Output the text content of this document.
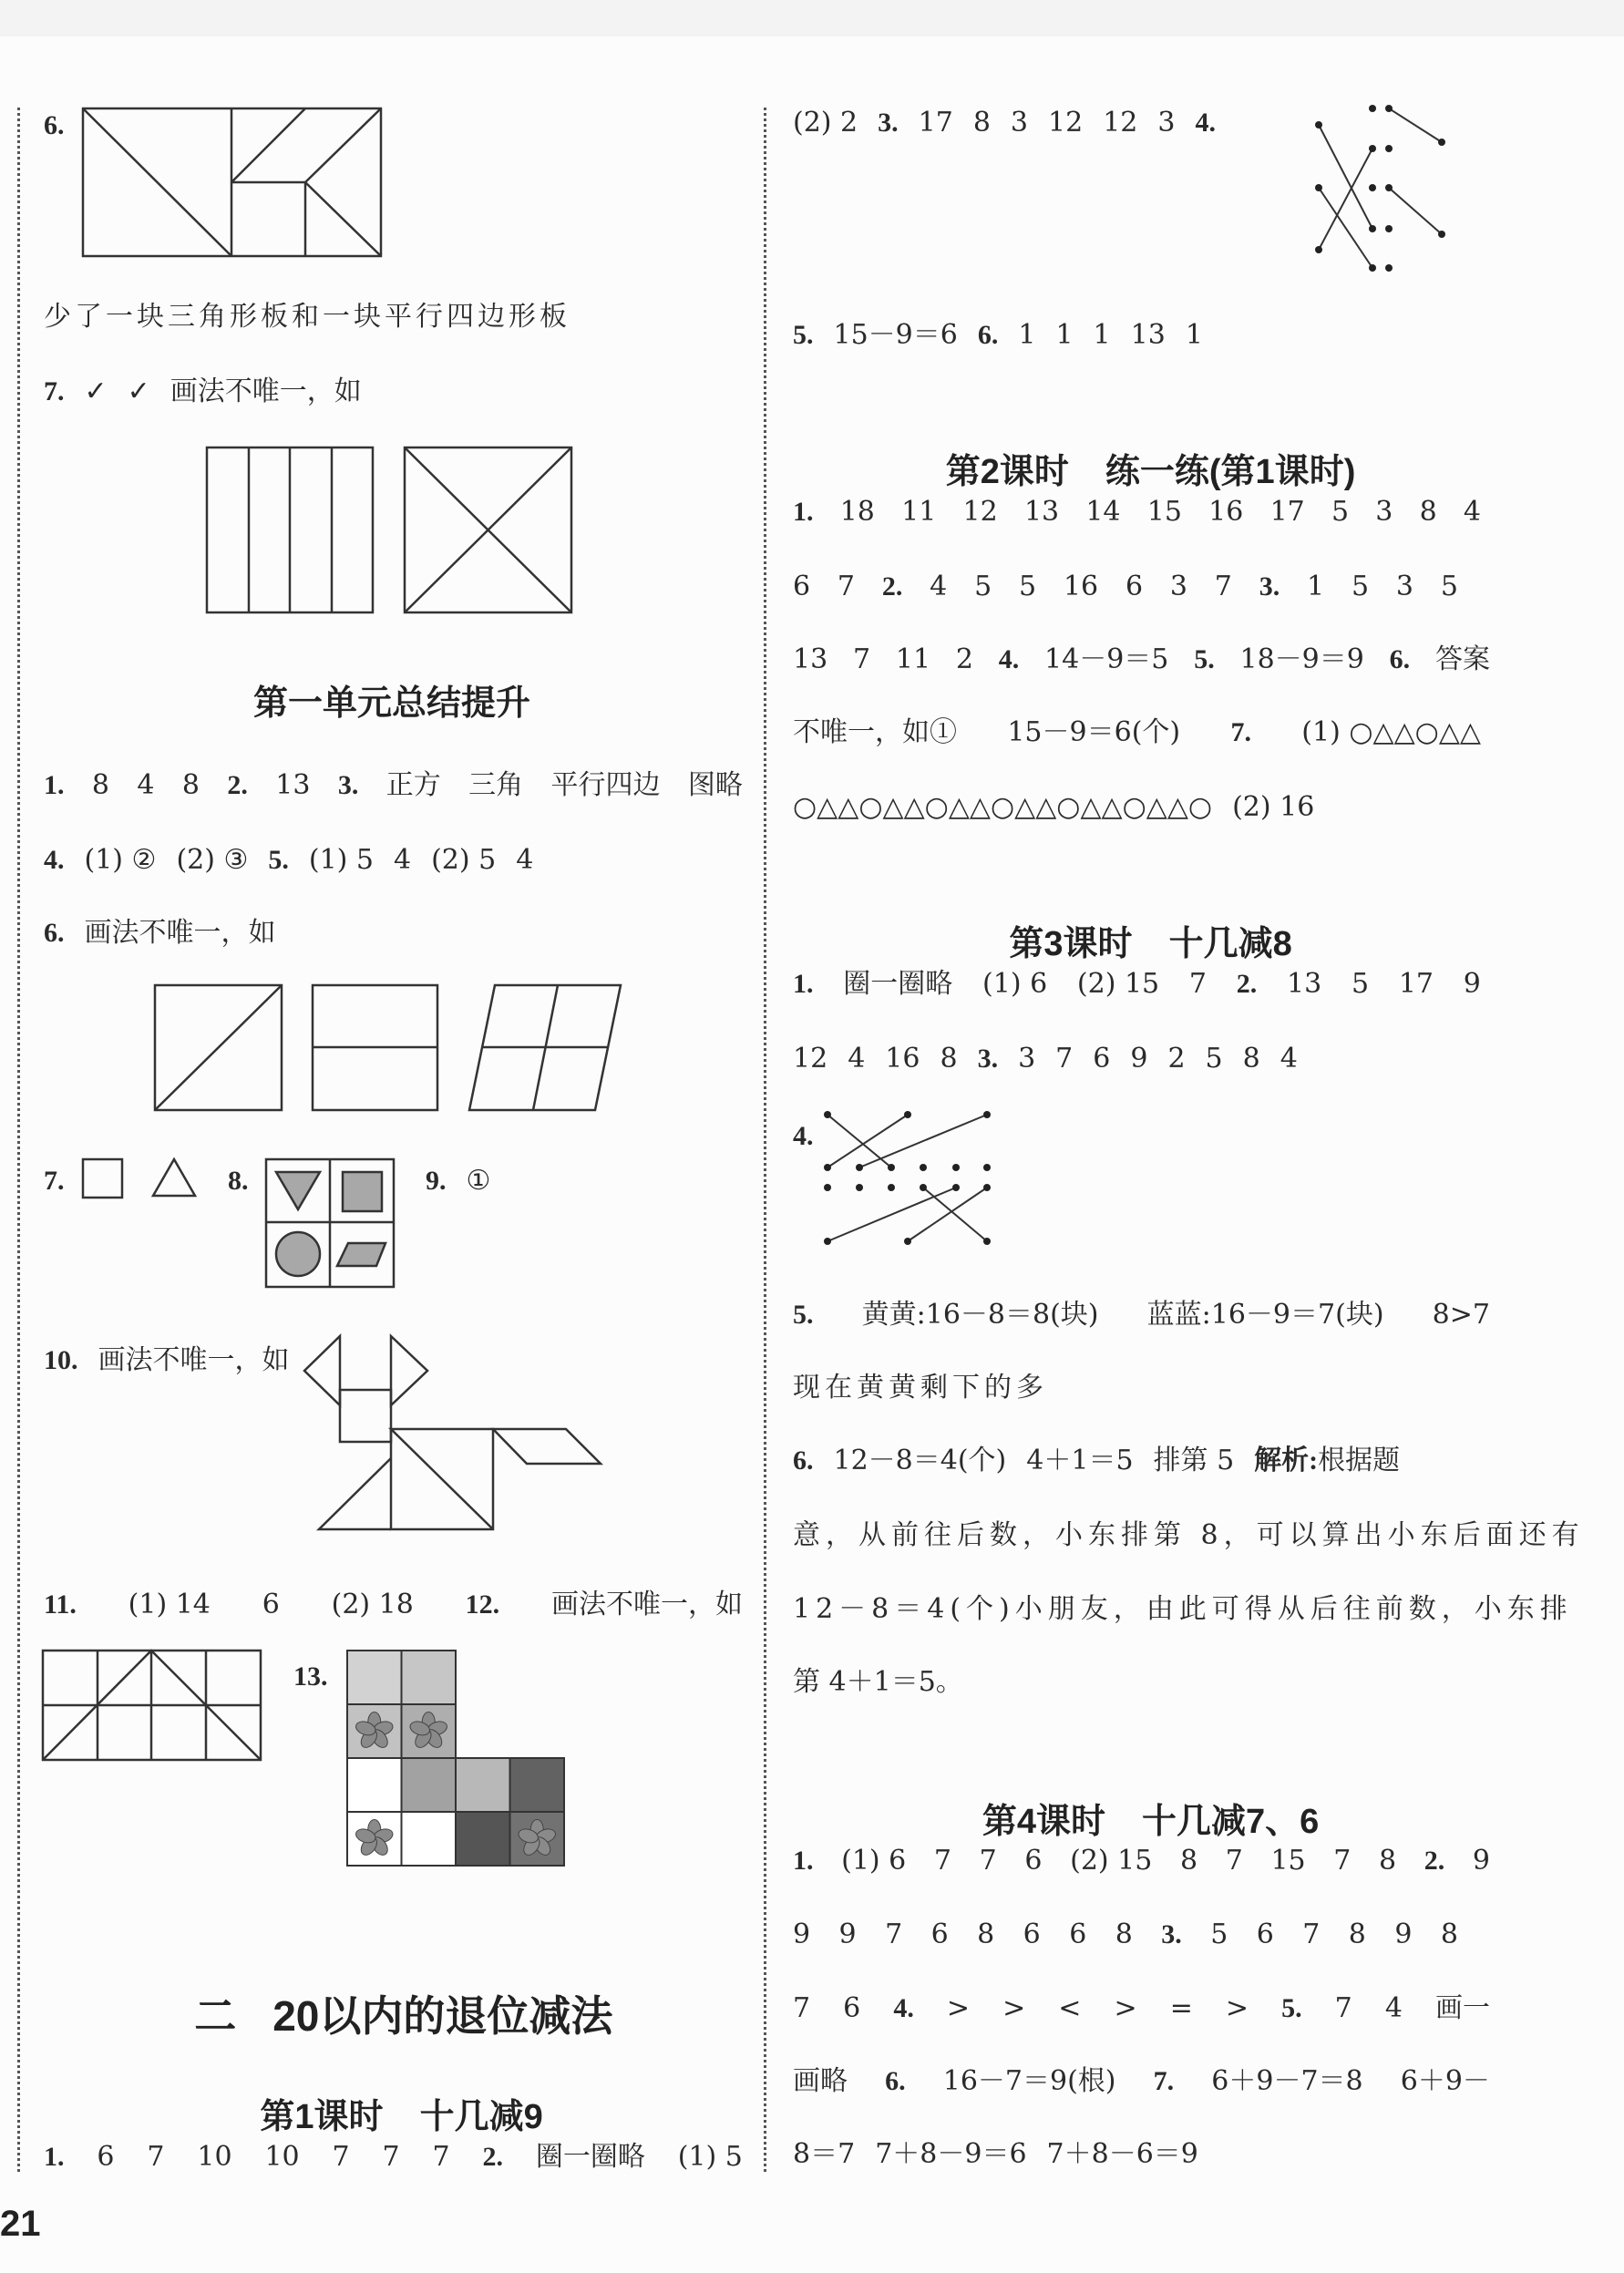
6.
少了一块三角形板和一块平行四边形板
7. ✓ ✓ 画法不唯一，如
1. 8 4 8 2. 13 3. 正方 三角 平行四边 图略
4. (1) ② (2) ③ 5. (1) 5 4 (2) 5 4
6. 画法不唯一，如
7.	8.	9. ①
10. 画法不唯一，如
11. (1) 14 6 (2) 18 12. 画法不唯一，如
13.
1. 6 7 10 10 7 7 7 2. 圈一圈略 (1) 5
(2) 2 3. 17 8 3 12 12 3 4.
5. 15－9＝6 6. 1 1 1 13 1
1. 18 11 12 13 14 15 16 17 5 3 8 4
6 7 2. 4 5 5 16 6 3 7 3. 1 5 3 5
13 7 11 2 4. 14－9＝5 5. 18－9＝9 6. 答案
不唯一，如① 15－9＝6(个) 7. (1) ○△△○△△
○△△○△△○△△○△△○△△○△△○ (2) 16
1. 圈一圈略 (1) 6 (2) 15 7 2. 13 5 17 9
12 4 16 8 3. 3 7 6 9 2 5 8 4
4.
5. 黄黄:16－8＝8(块) 蓝蓝:16－9＝7(块) 8>7
现在黄黄剩下的多
6. 12－8＝4(个) 4＋1＝5 排第 5 解析: 根据题
意，从前往后数，小东排第 8，可以算出小东后面还有
12－8＝4(个)小朋友，由此可得从后往前数，小东排
第 4＋1＝5。
1. (1) 6 7 7 6 (2) 15 8 7 15 7 8 2. 9
9 9 7 6 8 6 6 8 3. 5 6 7 8 9 8
7 6 4. > > < > = > 5. 7 4 画一
画略 6. 16－7＝9(根) 7. 6＋9－7＝8 6＋9－
8＝7 7＋8－9＝6 7＋8－6＝9
第一单元总结提升

二 20以内的退位减法

第1课时 十几减9

第2课时 练一练(第1课时)

第3课时 十几减8

第4课时 十几减7、6

21
